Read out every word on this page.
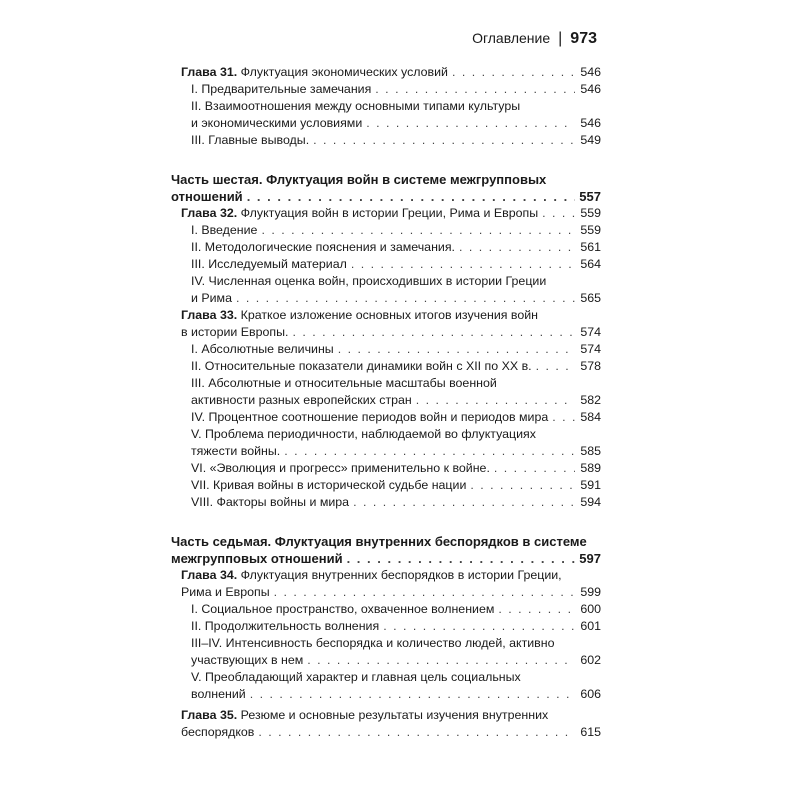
Оглавление | 973
Глава 31. Флуктуация экономических условий . . .	546
I. Предварительные замечания . . .	546
II. Взаимоотношения между основными типами культуры
и экономическими условиями . . .	546
III. Главные выводы. . . .	549
Часть шестая. Флуктуация войн в системе межгрупповых
отношений . . .	557
Глава 32. Флуктуация войн в истории Греции, Рима и Европы . . .	559
I. Введение . . .	559
II. Методологические пояснения и замечания. . . .	561
III. Исследуемый материал . . .	564
IV. Численная оценка войн, происходивших в истории Греции
и Рима . . .	565
Глава 33. Краткое изложение основных итогов изучения войн
в истории Европы. . . .	574
I. Абсолютные величины . . .	574
II. Относительные показатели динамики войн с XII по XX в. . . .	578
III. Абсолютные и относительные масштабы военной
активности разных европейских стран . . .	582
IV. Процентное соотношение периодов войн и периодов мира . . .	584
V. Проблема периодичности, наблюдаемой во флуктуациях
тяжести войны. . . .	585
VI. «Эволюция и прогресс» применительно к войне. . . .	589
VII. Кривая войны в исторической судьбе нации . . .	591
VIII. Факторы войны и мира . . .	594
Часть седьмая. Флуктуация внутренних беспорядков в системе
межгрупповых отношений . . .	597
Глава 34. Флуктуация внутренних беспорядков в истории Греции,
Рима и Европы . . .	599
I. Социальное пространство, охваченное волнением . . .	600
II. Продолжительность волнения . . .	601
III–IV. Интенсивность беспорядка и количество людей, активно
участвующих в нем . . .	602
V. Преобладающий характер и главная цель социальных
волнений . . .	606
Глава 35. Резюме и основные результаты изучения внутренних
беспорядков . . .	615
